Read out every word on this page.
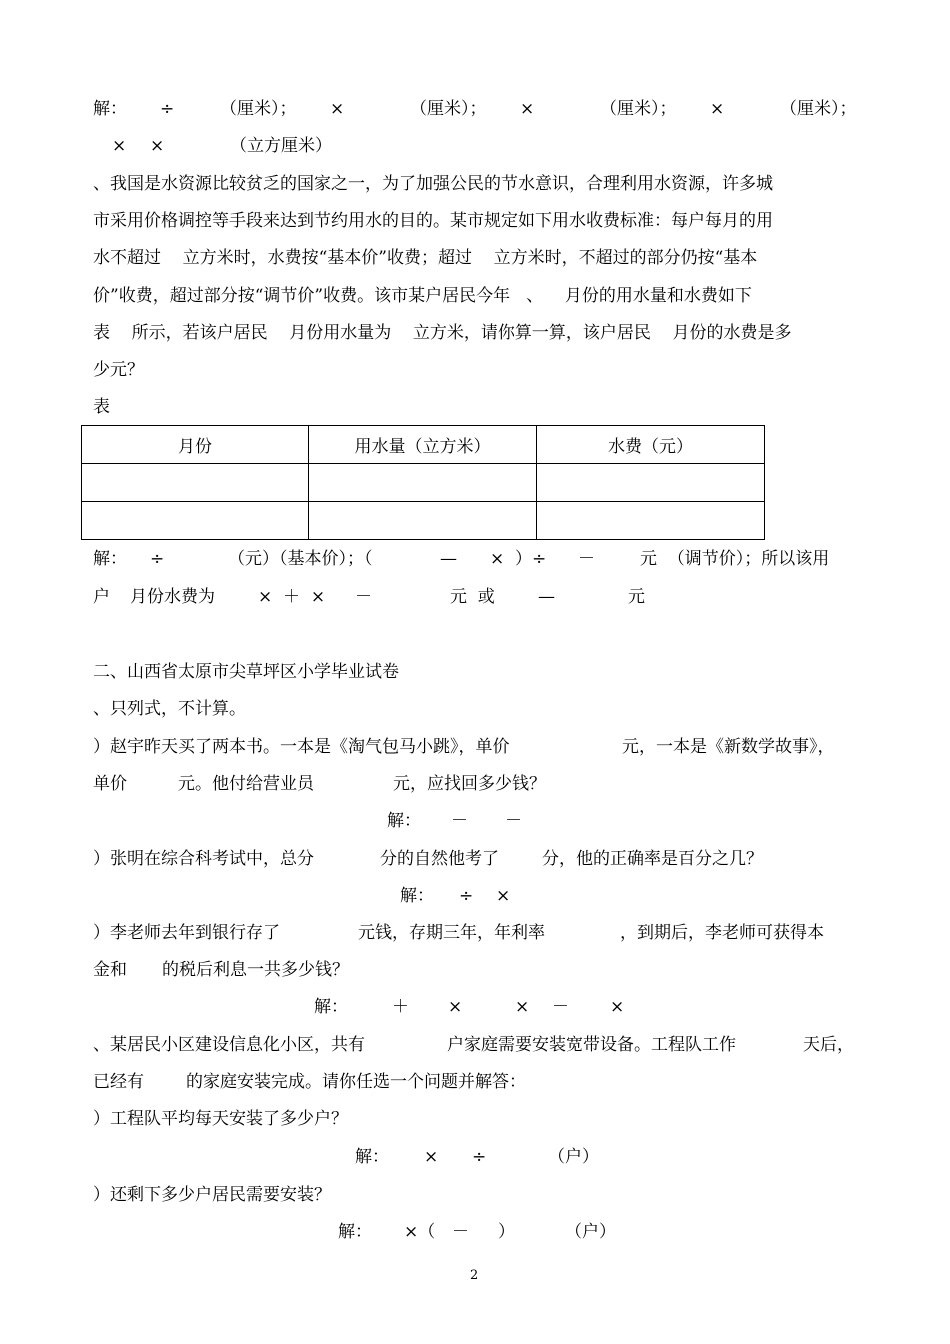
解： ÷	（厘米）； ×	（厘米）； ×	（厘米）； ×	（厘米）；
× ×	（立方厘米）
、我国是水资源比较贫乏的国家之一，为了加强公民的节水意识，合理利用水资源，许多城
市采用价格调控等手段来达到节约用水的目的。某市规定如下用水收费标准：每户每月的用
水不超过    立方米时，水费按“基本价”收费；超过    立方米时，不超过的部分仍按“基本
价”收费，超过部分按“调节价”收费。该市某户居民今年   、    月份的用水量和水费如下
表    所示，若该户居民    月份用水量为    立方米，请你算一算，该户居民    月份的水费是多
少元？
表
月份	用水量（立方米）	水费（元）

解： ÷	（元）（基本价）；（	— ×  ）÷ －	元  （调节价）；所以该用
户 月份水费为	×  ＋  × －	元  或	—	元
二、山西省太原市尖草坪区小学毕业试卷
、只列式，不计算。
）赵宇昨天买了两本书。一本是《淘气包马小跳》，单价	元，一本是《新数学故事》，
单价	元。他付给营业员	元，应找回多少钱？
解： － －
）张明在综合科考试中，总分	分的自然他考了	分，他的正确率是百分之几？
解： ÷ ×
）李老师去年到银行存了	元钱，存期三年，年利率	，到期后，李老师可获得本
金和 的税后利息一共多少钱？
解：	＋ ×	× － ×
、某居民小区建设信息化小区，共有	户家庭需要安装宽带设备。工程队工作	天后，
已经有 的家庭安装完成。请你任选一个问题并解答：
）工程队平均每天安装了多少户？
解： × ÷	（户）
）还剩下多少户居民需要安装？
解： ×（ － ）	（户）
2
